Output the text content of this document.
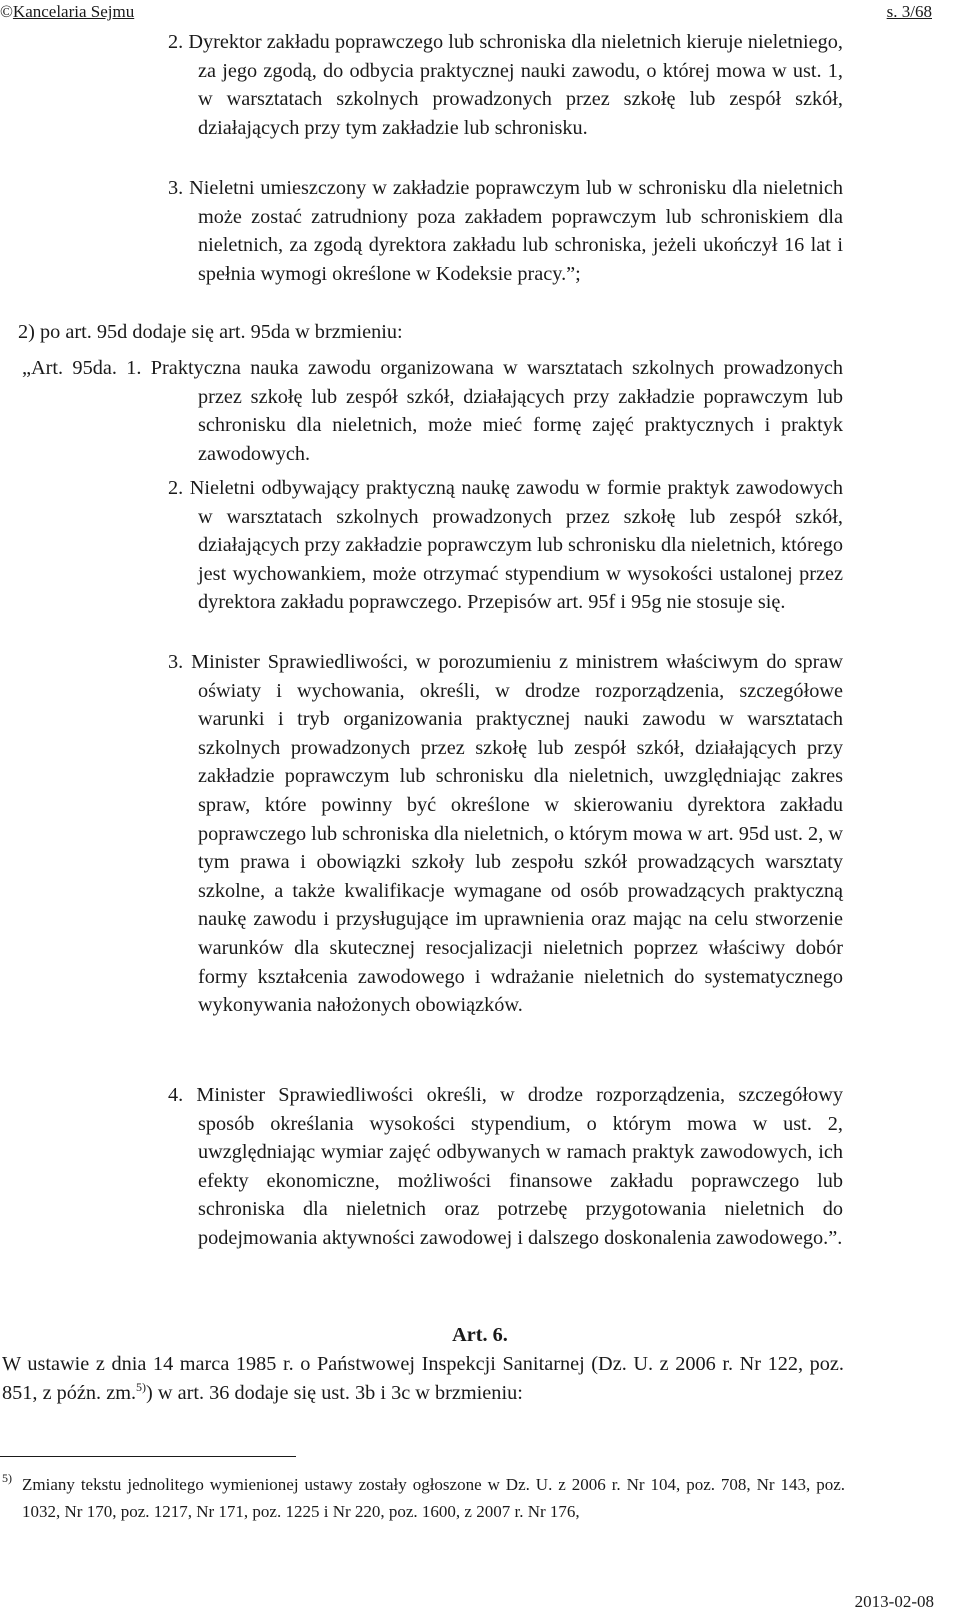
©Kancelaria Sejmu	s. 3/68

2. Dyrektor zakładu poprawczego lub schroniska dla nieletnich kieruje nieletniego, za jego zgodą, do odbycia praktycznej nauki zawodu, o której mowa w ust. 1, w warsztatach szkolnych prowadzonych przez szkołę lub zespół szkół, działających przy tym zakładzie lub schronisku.

3. Nieletni umieszczony w zakładzie poprawczym lub w schronisku dla nieletnich może zostać zatrudniony poza zakładem poprawczym lub schroniskiem dla nieletnich, za zgodą dyrektora zakładu lub schroniska, jeżeli ukończył 16 lat i spełnia wymogi określone w Kodeksie pracy.”;

2) po art. 95d dodaje się art. 95da w brzmieniu:

„Art. 95da. 1. Praktyczna nauka zawodu organizowana w warsztatach szkolnych prowadzonych przez szkołę lub zespół szkół, działających przy zakładzie poprawczym lub schronisku dla nieletnich, może mieć formę zajęć praktycznych i praktyk zawodowych.

2. Nieletni odbywający praktyczną naukę zawodu w formie praktyk zawodowych w warsztatach szkolnych prowadzonych przez szkołę lub zespół szkół, działających przy zakładzie poprawczym lub schronisku dla nieletnich, którego jest wychowankiem, może otrzymać stypendium w wysokości ustalonej przez dyrektora zakładu poprawczego. Przepisów art. 95f i 95g nie stosuje się.

3. Minister Sprawiedliwości, w porozumieniu z ministrem właściwym do spraw oświaty i wychowania, określi, w drodze rozporządzenia, szczegółowe warunki i tryb organizowania praktycznej nauki zawodu w warsztatach szkolnych prowadzonych przez szkołę lub zespół szkół, działających przy zakładzie poprawczym lub schronisku dla nieletnich, uwzględniając zakres spraw, które powinny być określone w skierowaniu dyrektora zakładu poprawczego lub schroniska dla nieletnich, o którym mowa w art. 95d ust. 2, w tym prawa i obowiązki szkoły lub zespołu szkół prowadzących warsztaty szkolne, a także kwalifikacje wymagane od osób prowadzących praktyczną naukę zawodu i przysługujące im uprawnienia oraz mając na celu stworzenie warunków dla skutecznej resocjalizacji nieletnich poprzez właściwy dobór formy kształcenia zawodowego i wdrażanie nieletnich do systematycznego wykonywania nałożonych obowiązków.

4. Minister Sprawiedliwości określi, w drodze rozporządzenia, szczegółowy sposób określania wysokości stypendium, o którym mowa w ust. 2, uwzględniając wymiar zajęć odbywanych w ramach praktyk zawodowych, ich efekty ekonomiczne, możliwości finansowe zakładu poprawczego lub schroniska dla nieletnich oraz potrzebę przygotowania nieletnich do podejmowania aktywności zawodowej i dalszego doskonalenia zawodowego.”.

Art. 6.

W ustawie z dnia 14 marca 1985 r. o Państwowej Inspekcji Sanitarnej (Dz. U. z 2006 r. Nr 122, poz. 851, z późn. zm.$^{5)}$) w art. 36 dodaje się ust. 3b i 3c w brzmieniu:

5) Zmiany tekstu jednolitego wymienionej ustawy zostały ogłoszone w Dz. U. z 2006 r. Nr 104, poz. 708, Nr 143, poz. 1032, Nr 170, poz. 1217, Nr 171, poz. 1225 i Nr 220, poz. 1600, z 2007 r. Nr 176,
2013-02-08
